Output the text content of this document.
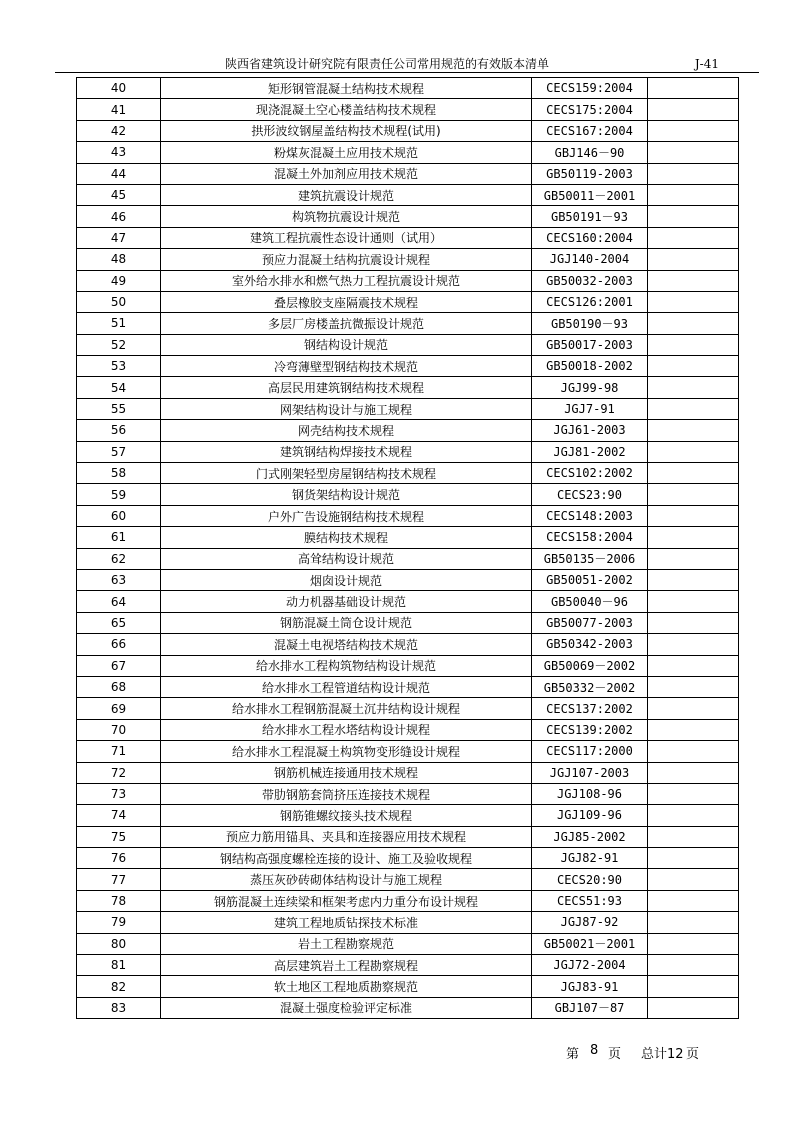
陕西省建筑设计研究院有限责任公司常用规范的有效版本清单	J-41
40	矩形钢管混凝土结构技术规程	CECS159:2004	
41	现浇混凝土空心楼盖结构技术规程	CECS175:2004	
42	拱形波纹钢屋盖结构技术规程(试用)	CECS167:2004	
43	粉煤灰混凝土应用技术规范	GBJ146－90	
44	混凝土外加剂应用技术规范	GB50119-2003	
45	建筑抗震设计规范	GB50011－2001	
46	构筑物抗震设计规范	GB50191－93	
47	建筑工程抗震性态设计通则（试用）	CECS160:2004	
48	预应力混凝土结构抗震设计规程	JGJ140-2004	
49	室外给水排水和燃气热力工程抗震设计规范	GB50032-2003	
50	叠层橡胶支座隔震技术规程	CECS126:2001	
51	多层厂房楼盖抗微振设计规范	GB50190－93	
52	钢结构设计规范	GB50017-2003	
53	冷弯薄壁型钢结构技术规范	GB50018-2002	
54	高层民用建筑钢结构技术规程	JGJ99-98	
55	网架结构设计与施工规程	JGJ7-91	
56	网壳结构技术规程	JGJ61-2003	
57	建筑钢结构焊接技术规程	JGJ81-2002	
58	门式刚架轻型房屋钢结构技术规程	CECS102:2002	
59	钢货架结构设计规范	CECS23:90	
60	户外广告设施钢结构技术规程	CECS148:2003	
61	膜结构技术规程	CECS158:2004	
62	高耸结构设计规范	GB50135－2006	
63	烟囱设计规范	GB50051-2002	
64	动力机器基础设计规范	GB50040－96	
65	钢筋混凝土筒仓设计规范	GB50077-2003	
66	混凝土电视塔结构技术规范	GB50342-2003	
67	给水排水工程构筑物结构设计规范	GB50069－2002	
68	给水排水工程管道结构设计规范	GB50332－2002	
69	给水排水工程钢筋混凝土沉井结构设计规程	CECS137:2002	
70	给水排水工程水塔结构设计规程	CECS139:2002	
71	给水排水工程混凝土构筑物变形缝设计规程	CECS117:2000	
72	钢筋机械连接通用技术规程	JGJ107-2003	
73	带肋钢筋套筒挤压连接技术规程	JGJ108-96	
74	钢筋锥螺纹接头技术规程	JGJ109-96	
75	预应力筋用锚具、夹具和连接器应用技术规程	JGJ85-2002	
76	钢结构高强度螺栓连接的设计、施工及验收规程	JGJ82-91	
77	蒸压灰砂砖砌体结构设计与施工规程	CECS20:90	
78	钢筋混凝土连续梁和框架考虑内力重分布设计规程	CECS51:93	
79	建筑工程地质钻探技术标准	JGJ87-92	
80	岩土工程勘察规范	GB50021－2001	
81	高层建筑岩土工程勘察规程	JGJ72-2004	
82	软土地区工程地质勘察规范	JGJ83-91	
83	混凝土强度检验评定标准	GBJ107－87	
第 8 页 总计12 页
